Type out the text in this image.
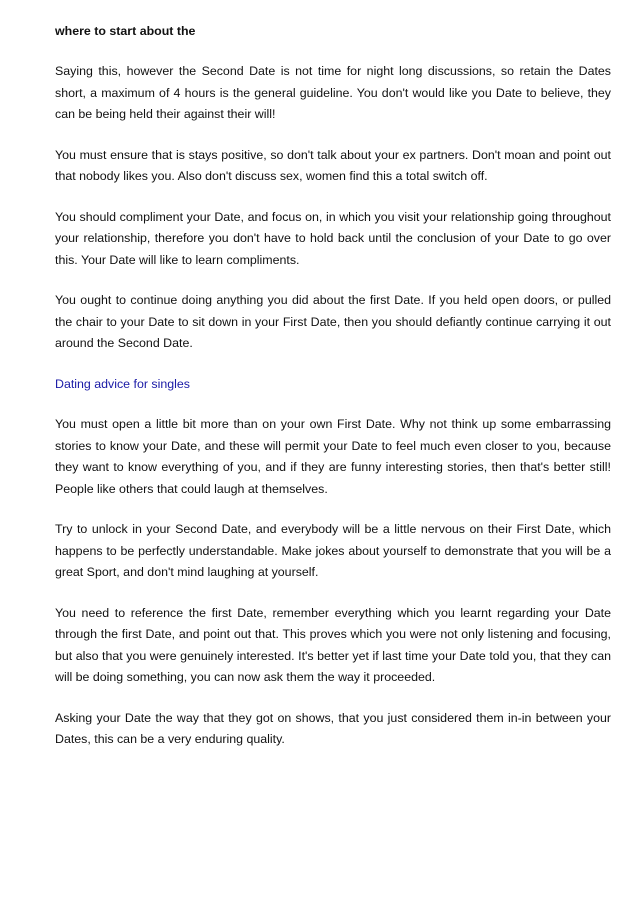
where to start about the

Saying this, however the Second Date is not time for night long discussions, so retain the Dates short, a maximum of 4 hours is the general guideline. You don't would like you Date to believe, they can be being held their against their will!

You must ensure that is stays positive, so don't talk about your ex partners. Don't moan and point out that nobody likes you. Also don't discuss sex, women find this a total switch off.

You should compliment your Date, and focus on, in which you visit your relationship going throughout your relationship, therefore you don't have to hold back until the conclusion of your Date to go over this. Your Date will like to learn compliments.

You ought to continue doing anything you did about the first Date. If you held open doors, or pulled the chair to your Date to sit down in your First Date, then you should defiantly continue carrying it out around the Second Date.

Dating advice for singles

You must open a little bit more than on your own First Date. Why not think up some embarrassing stories to know your Date, and these will permit your Date to feel much even closer to you, because they want to know everything of you, and if they are funny interesting stories, then that's better still! People like others that could laugh at themselves.

Try to unlock in your Second Date, and everybody will be a little nervous on their First Date, which happens to be perfectly understandable. Make jokes about yourself to demonstrate that you will be a great Sport, and don't mind laughing at yourself.

You need to reference the first Date, remember everything which you learnt regarding your Date through the first Date, and point out that. This proves which you were not only listening and focusing, but also that you were genuinely interested. It's better yet if last time your Date told you, that they can will be doing something, you can now ask them the way it proceeded.

Asking your Date the way that they got on shows, that you just considered them in-in between your Dates, this can be a very enduring quality.
